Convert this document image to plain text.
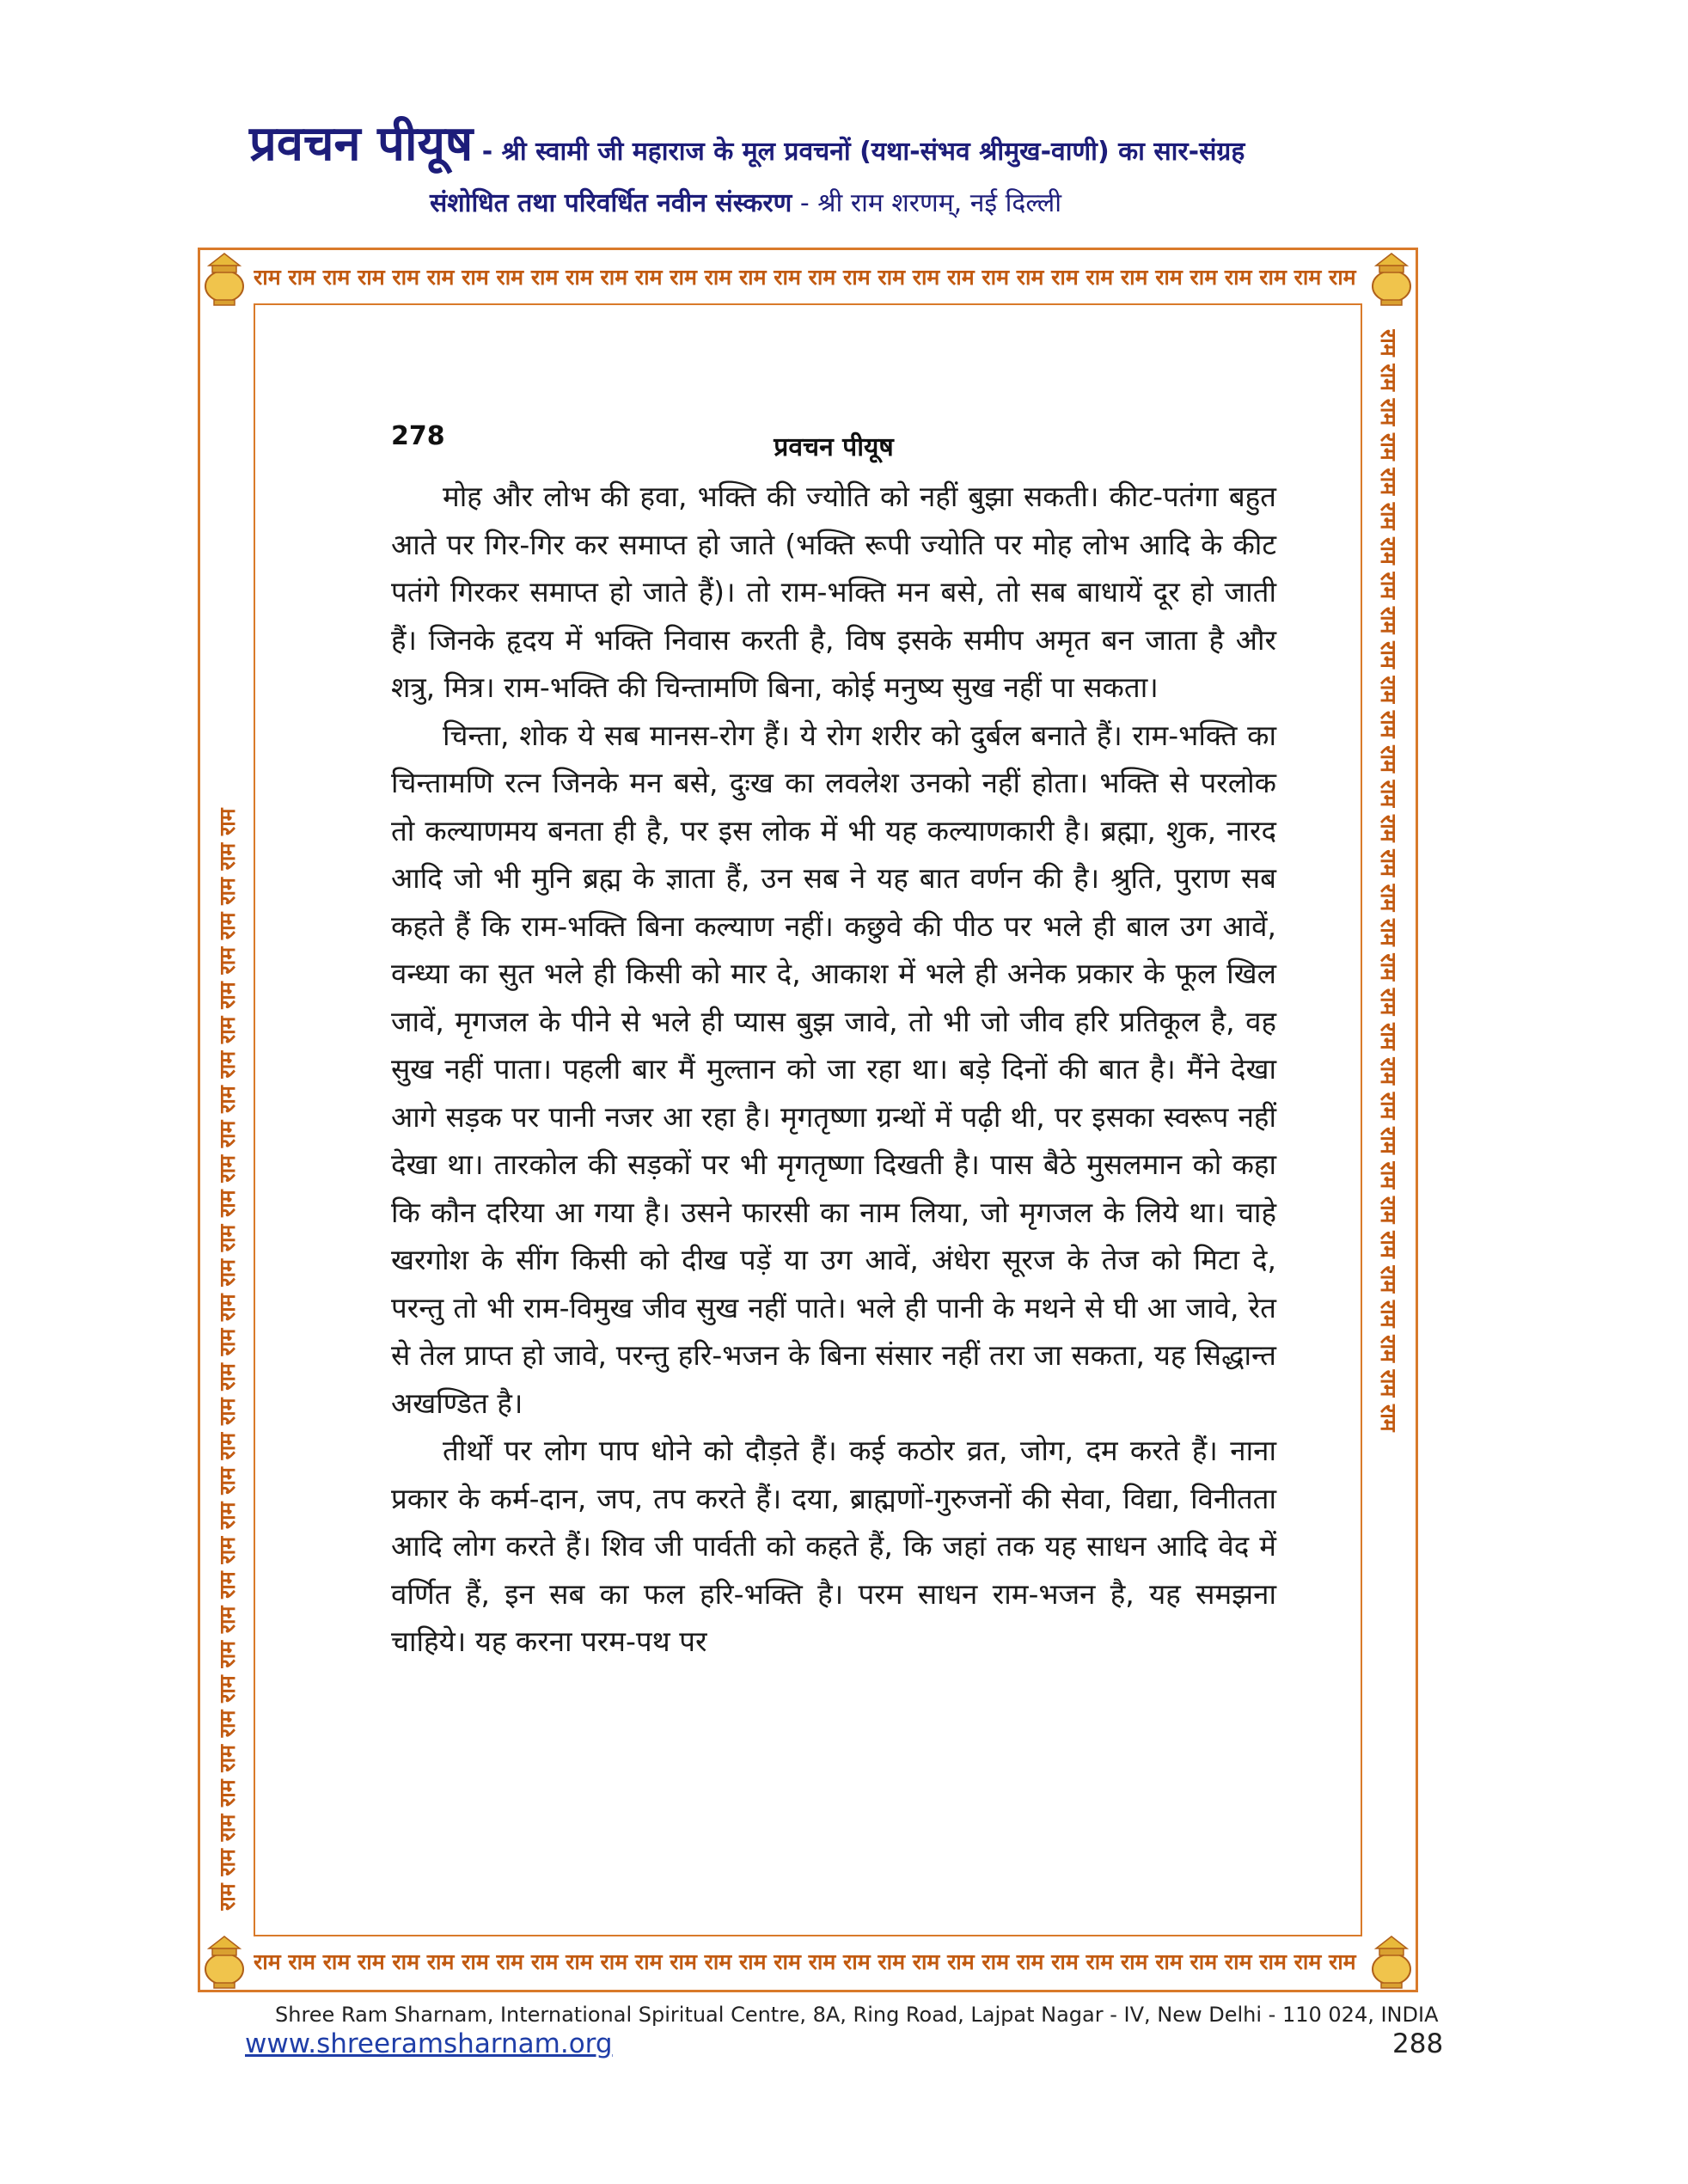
प्रवचन पीयूष - श्री स्वामी जी महाराज के मूल प्रवचनों (यथा-संभव श्रीमुख-वाणी) का सार-संग्रह
संशोधित तथा परिवर्धित नवीन संस्करण - श्री राम शरणम्, नई दिल्ली
राम राम राम राम राम राम राम राम राम राम राम राम राम राम राम राम राम राम राम राम राम राम राम राम राम राम राम राम राम राम राम राम
राम राम राम राम राम राम राम राम राम राम राम राम राम राम राम राम राम राम राम राम राम राम राम राम राम राम राम राम राम राम राम राम
राम राम राम राम राम राम राम राम राम राम राम राम राम राम राम राम राम राम राम राम राम राम राम राम राम राम राम राम राम राम राम राम	राम राम राम राम राम राम राम राम राम राम राम राम राम राम राम राम राम राम राम राम राम राम राम राम राम राम राम राम राम राम राम राम
278	प्रवचन पीयूष

मोह और लोभ की हवा, भक्ति की ज्योति को नहीं बुझा सकती। कीट-पतंगा बहुत आते पर गिर-गिर कर समाप्त हो जाते (भक्ति रूपी ज्योति पर मोह लोभ आदि के कीट पतंगे गिरकर समाप्त हो जाते हैं)। तो राम-भक्ति मन बसे, तो सब बाधायें दूर हो जाती हैं। जिनके हृदय में भक्ति निवास करती है, विष इसके समीप अमृत बन जाता है और शत्रु, मित्र। राम-भक्ति की चिन्तामणि बिना, कोई मनुष्य सुख नहीं पा सकता।

चिन्ता, शोक ये सब मानस-रोग हैं। ये रोग शरीर को दुर्बल बनाते हैं। राम-भक्ति का चिन्तामणि रत्न जिनके मन बसे, दुःख का लवलेश उनको नहीं होता। भक्ति से परलोक तो कल्याणमय बनता ही है, पर इस लोक में भी यह कल्याणकारी है। ब्रह्मा, शुक, नारद आदि जो भी मुनि ब्रह्म के ज्ञाता हैं, उन सब ने यह बात वर्णन की है। श्रुति, पुराण सब कहते हैं कि राम-भक्ति बिना कल्याण नहीं। कछुवे की पीठ पर भले ही बाल उग आवें, वन्ध्या का सुत भले ही किसी को मार दे, आकाश में भले ही अनेक प्रकार के फूल खिल जावें, मृगजल के पीने से भले ही प्यास बुझ जावे, तो भी जो जीव हरि प्रतिकूल है, वह सुख नहीं पाता। पहली बार मैं मुल्तान को जा रहा था। बड़े दिनों की बात है। मैंने देखा आगे सड़क पर पानी नजर आ रहा है। मृगतृष्णा ग्रन्थों में पढ़ी थी, पर इसका स्वरूप नहीं देखा था। तारकोल की सड़कों पर भी मृगतृष्णा दिखती है। पास बैठे मुसलमान को कहा कि कौन दरिया आ गया है। उसने फारसी का नाम लिया, जो मृगजल के लिये था। चाहे खरगोश के सींग किसी को दीख पड़ें या उग आवें, अंधेरा सूरज के तेज को मिटा दे, परन्तु तो भी राम-विमुख जीव सुख नहीं पाते। भले ही पानी के मथने से घी आ जावे, रेत से तेल प्राप्त हो जावे, परन्तु हरि-भजन के बिना संसार नहीं तरा जा सकता, यह सिद्धान्त अखण्डित है।

तीर्थों पर लोग पाप धोने को दौड़ते हैं। कई कठोर व्रत, जोग, दम करते हैं। नाना प्रकार के कर्म-दान, जप, तप करते हैं। दया, ब्राह्मणों-गुरुजनों की सेवा, विद्या, विनीतता आदि लोग करते हैं। शिव जी पार्वती को कहते हैं, कि जहां तक यह साधन आदि वेद में वर्णित हैं, इन सब का फल हरि-भक्ति है। परम साधन राम-भजन है, यह समझना चाहिये। यह करना परम-पथ पर

Shree Ram Sharnam, International Spiritual Centre, 8A, Ring Road, Lajpat Nagar - IV, New Delhi - 110 024, INDIA
www.shreeramsharnam.org	288
